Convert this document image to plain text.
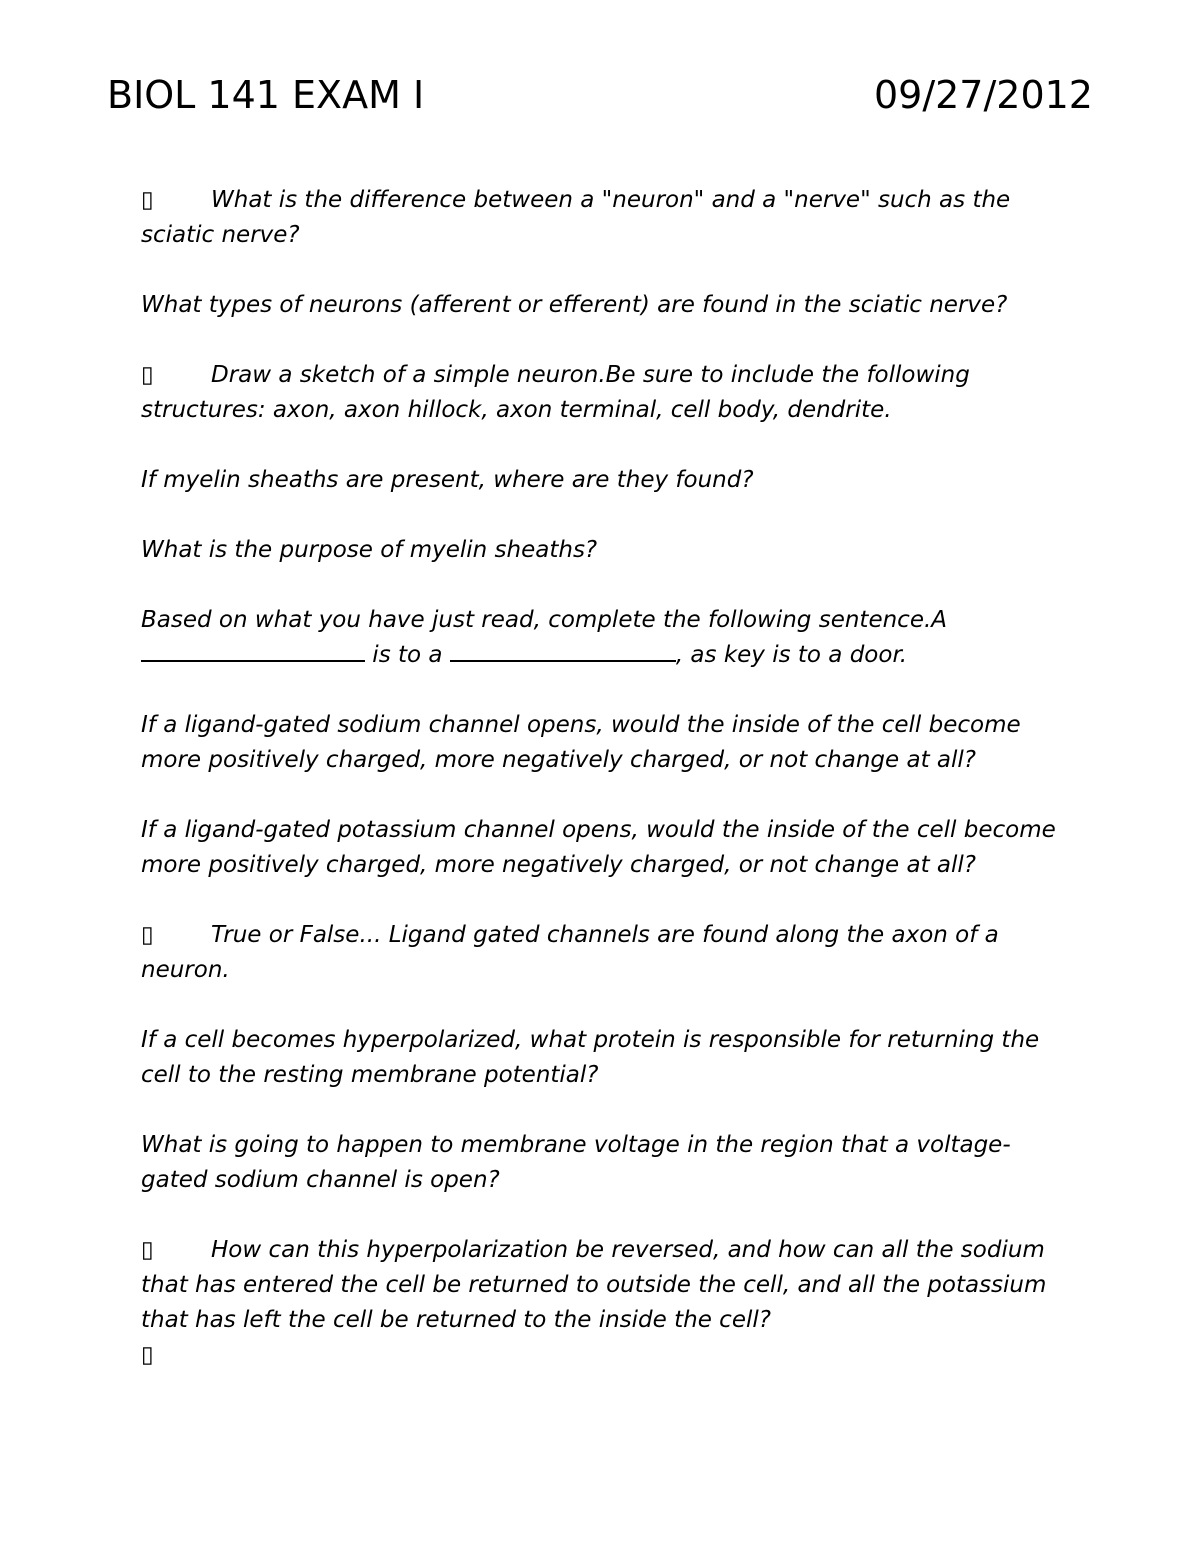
BIOL 141 EXAM I	09/27/2012

▯ What is the difference between a "neuron" and a "nerve" such as the sciatic nerve?

What types of neurons (afferent or efferent) are found in the sciatic nerve?

▯ Draw a sketch of a simple neuron.Be sure to include the following structures: axon, axon hillock, axon terminal, cell body, dendrite.

If myelin sheaths are present, where are they found?

What is the purpose of myelin sheaths?

Based on what you have just read, complete the following sentence.A
is to a	, as key is to a door.

If a ligand-gated sodium channel opens, would the inside of the cell become more positively charged, more negatively charged, or not change at all?

If a ligand-gated potassium channel opens, would the inside of the cell become more positively charged, more negatively charged, or not change at all?

▯ True or False... Ligand gated channels are found along the axon of a neuron.

If a cell becomes hyperpolarized, what protein is responsible for returning the cell to the resting membrane potential?

What is going to happen to membrane voltage in the region that a voltage-gated sodium channel is open?

▯ How can this hyperpolarization be reversed, and how can all the sodium that has entered the cell be returned to outside the cell, and all the potassium that has left the cell be returned to the inside the cell?

▯
